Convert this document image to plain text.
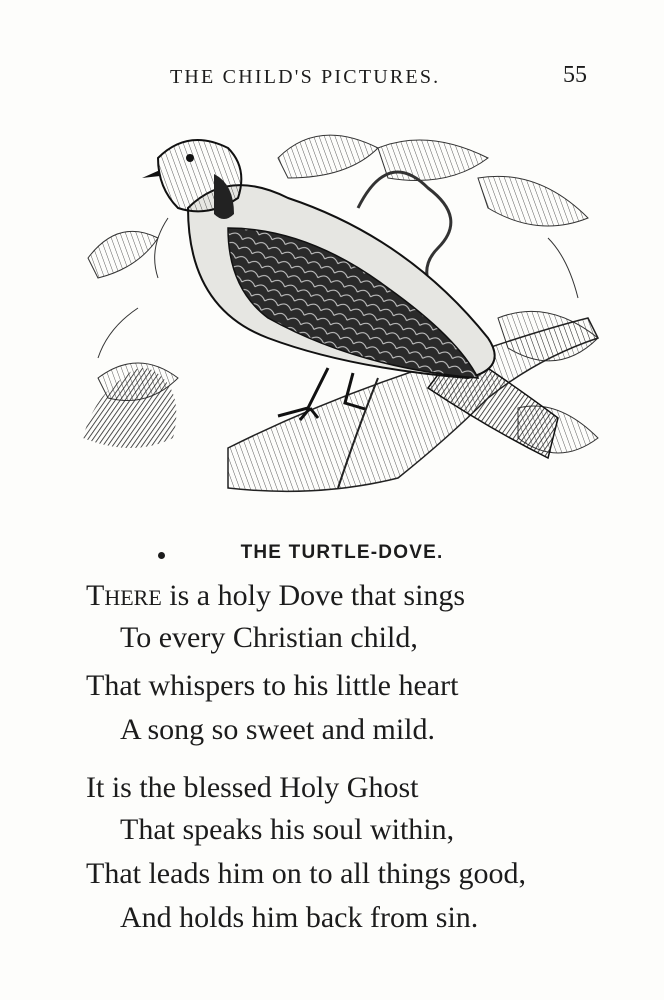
THE CHILD'S PICTURES.	55
THE TURTLE-DOVE.
THERE is a holy Dove that sings
To every Christian child,
That whispers to his little heart
A song so sweet and mild.
It is the blessed Holy Ghost
That speaks his soul within,
That leads him on to all things good,
And holds him back from sin.
